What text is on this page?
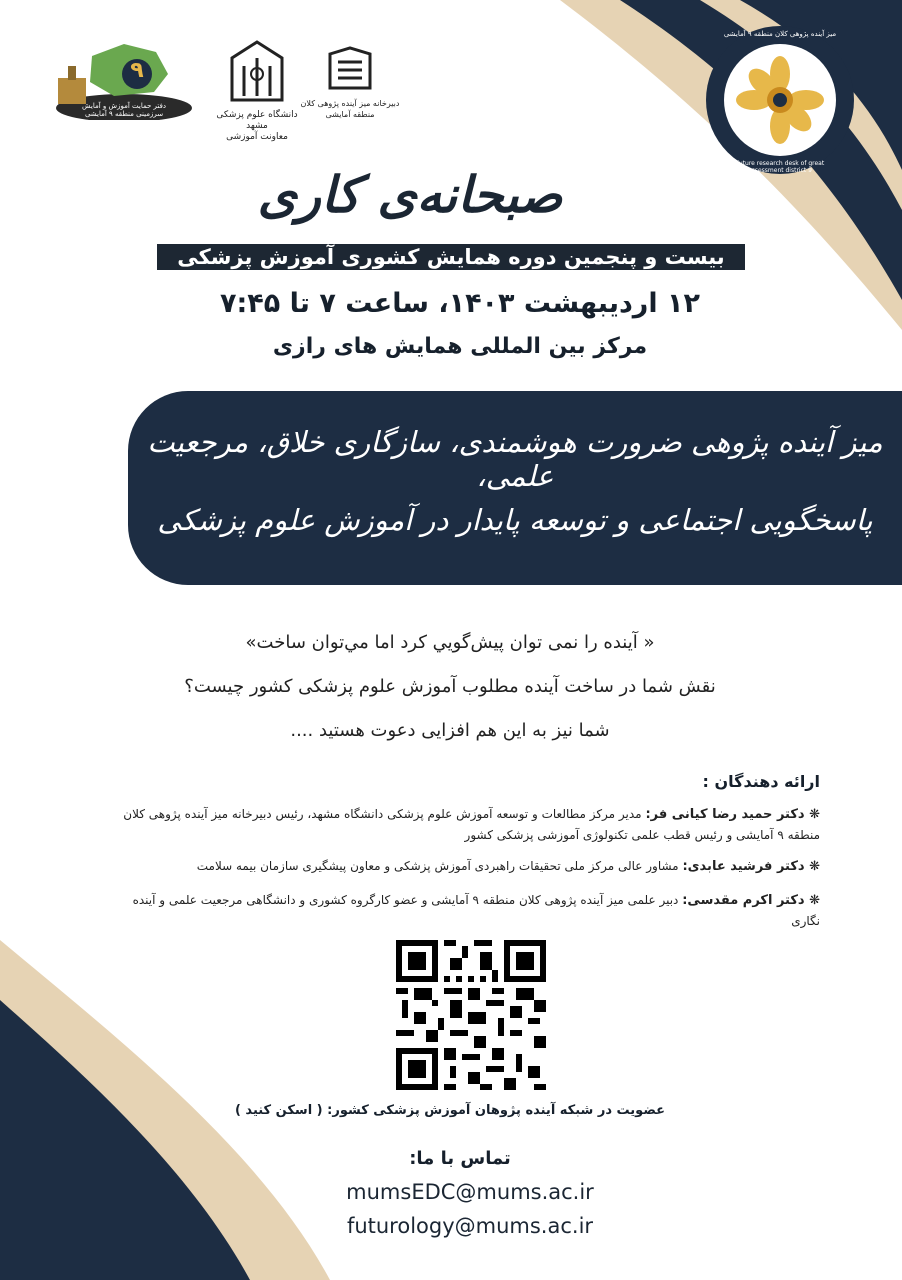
۹
دفتر حمایت آموزش و آمایش سرزمینی منطقه ۹ آمایشی	دانشگاه علوم پزشکی مشهد
معاونت آموزشی
دبیرخانه میز آینده پژوهی کلان منطقه آمایشی
میز آینده پژوهی کلان منطقه ۹ آمایشی
Future research desk of great assessment district 9
صبحانه‌ی کاری
بیست و پنجمین دوره همایش کشوری آموزش پزشکی
۱۲ اردیبهشت ۱۴۰۳، ساعت ۷ تا ۷:۴۵
مرکز بین المللی همایش های رازی
میز آینده پژوهی ضرورت هوشمندی، سازگاری خلاق، مرجعیت علمی،
پاسخگویی اجتماعی و توسعه پایدار در آموزش علوم پزشکی
« آینده را نمی توان پیش‌گويي كرد اما مي‌توان ساخت»
نقش شما در ساخت آینده مطلوب آموزش علوم پزشکی کشور چیست؟
شما نیز به این هم افزایی دعوت هستید ....
ارائه دهندگان :
❋ دکتر حمید رضا کیانی فر: مدیر مرکز مطالعات و توسعه آموزش علوم پزشکی دانشگاه مشهد، رئیس دبیرخانه میز آینده پژوهی کلان منطقه ۹ آمایشی و رئیس قطب علمی تکنولوژی آموزشی پزشکی کشور
❋ دکتر فرشید عابدی: مشاور عالی مرکز ملی تحقیقات راهبردی آموزش پزشکی و معاون پیشگیری سازمان بیمه سلامت
❋ دکتر اکرم مقدسی: دبیر علمی میز آینده پژوهی کلان منطقه ۹ آمایشی و عضو کارگروه کشوری و دانشگاهی مرجعیت علمی و آینده نگاری
عضویت در شبکه آینده پژوهان آموزش پزشکی کشور: ( اسکن کنید )
تماس با ما:
mumsEDC@mums.ac.ir
futurology@mums.ac.ir
